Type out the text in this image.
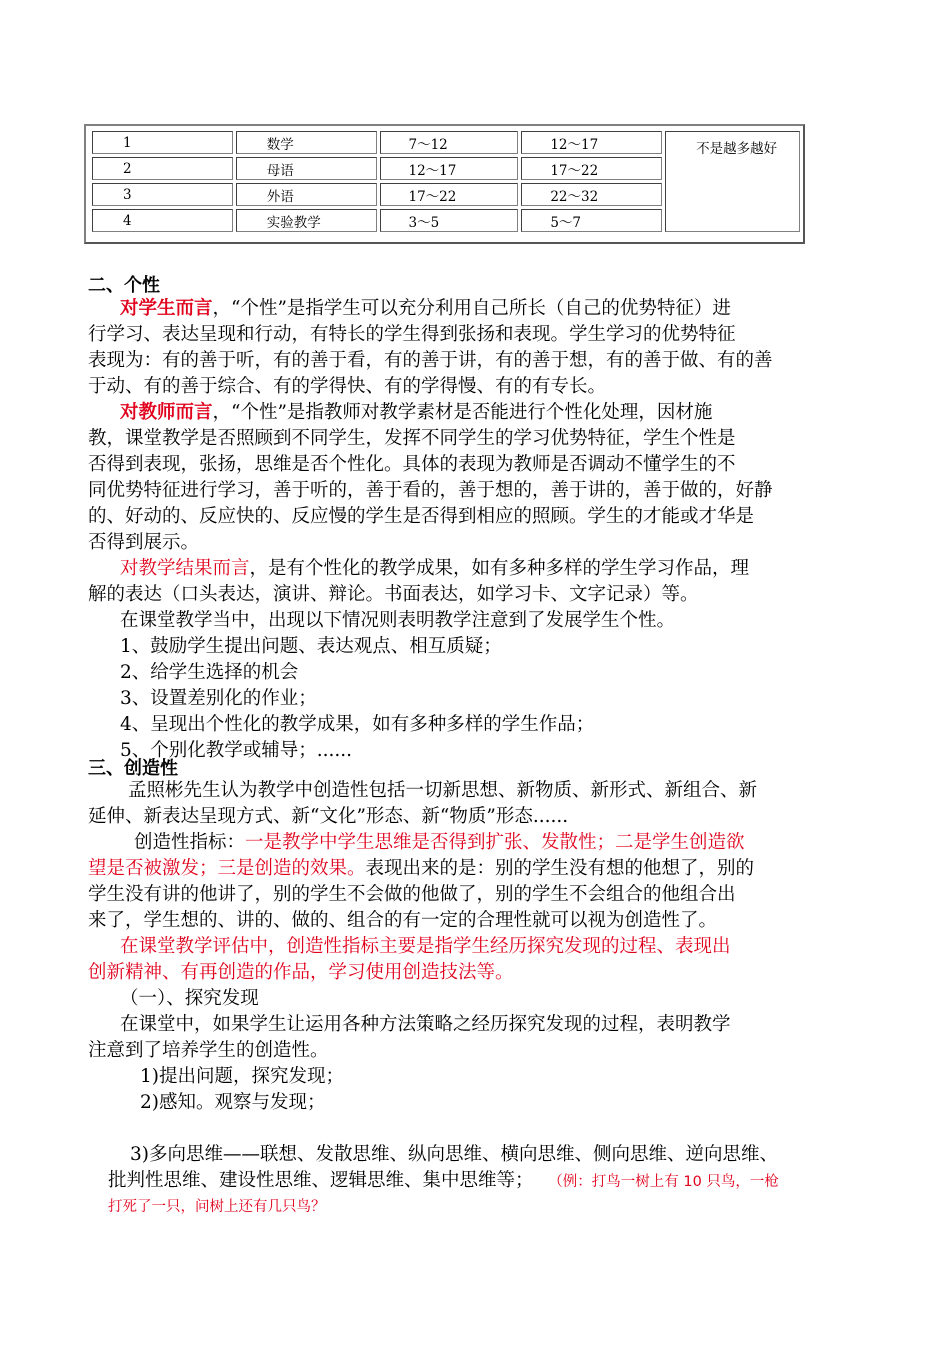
1	数学	7～12	12～17	不是越多越好
2	母语	12～17	17～22	
3	外语	17～22	22～32	
4	实验教学	3～5	5～7	
二、个性
对学生而言，“个性”是指学生可以充分利用自己所长（自己的优势特征）进
行学习、表达呈现和行动，有特长的学生得到张扬和表现。学生学习的优势特征
表现为：有的善于听，有的善于看，有的善于讲，有的善于想，有的善于做、有的善
于动、有的善于综合、有的学得快、有的学得慢、有的有专长。
对教师而言，“个性”是指教师对教学素材是否能进行个性化处理，因材施
教，课堂教学是否照顾到不同学生，发挥不同学生的学习优势特征，学生个性是
否得到表现，张扬，思维是否个性化。具体的表现为教师是否调动不懂学生的不
同优势特征进行学习，善于听的，善于看的，善于想的，善于讲的，善于做的，好静
的、好动的、反应快的、反应慢的学生是否得到相应的照顾。学生的才能或才华是
否得到展示。
对教学结果而言，是有个性化的教学成果，如有多种多样的学生学习作品，理
解的表达（口头表达，演讲、辩论。书面表达，如学习卡、文字记录）等。
在课堂教学当中，出现以下情况则表明教学注意到了发展学生个性。
1、鼓励学生提出问题、表达观点、相互质疑；
2、给学生选择的机会
3、设置差别化的作业；
4、呈现出个性化的教学成果，如有多种多样的学生作品；
5、个别化教学或辅导；......
三、创造性
孟照彬先生认为教学中创造性包括一切新思想、新物质、新形式、新组合、新
延伸、新表达呈现方式、新“文化”形态、新“物质”形态......
创造性指标：一是教学中学生思维是否得到扩张、发散性；二是学生创造欲
望是否被激发；三是创造的效果。表现出来的是：别的学生没有想的他想了，别的
学生没有讲的他讲了，别的学生不会做的他做了，别的学生不会组合的他组合出
来了，学生想的、讲的、做的、组合的有一定的合理性就可以视为创造性了。
在课堂教学评估中，创造性指标主要是指学生经历探究发现的过程、表现出
创新精神、有再创造的作品，学习使用创造技法等。
（一）、探究发现
在课堂中，如果学生让运用各种方法策略之经历探究发现的过程，表明教学
注意到了培养学生的创造性。
1)提出问题，探究发现；
2)感知。观察与发现；
3)多向思维——联想、发散思维、纵向思维、横向思维、侧向思维、逆向思维、
批判性思维、建设性思维、逻辑思维、集中思维等； （例：打鸟一树上有 10 只鸟，一枪
打死了一只，问树上还有几只鸟？
